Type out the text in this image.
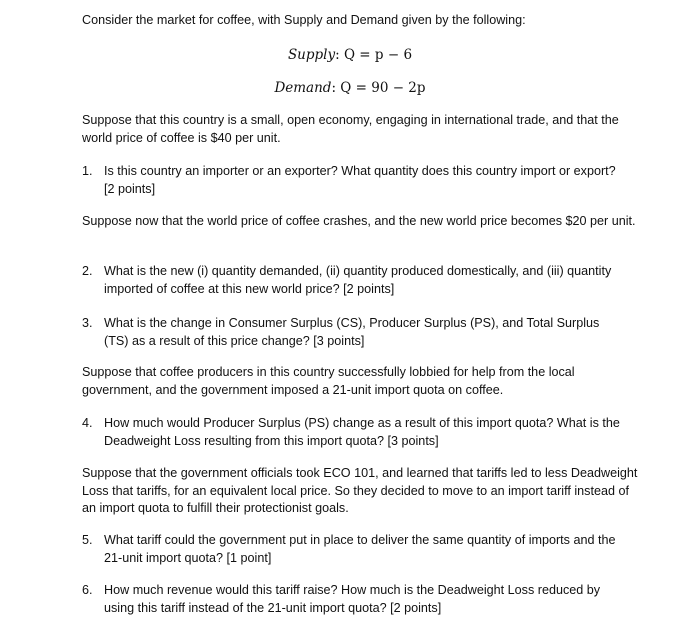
Consider the market for coffee, with Supply and Demand given by the following:

Supply: Q = p − 6
Demand: Q = 90 − 2p

Suppose that this country is a small, open economy, engaging in international trade, and that the world price of coffee is $40 per unit.

1. Is this country an importer or an exporter? What quantity does this country import or export? [2 points]

Suppose now that the world price of coffee crashes, and the new world price becomes $20 per unit.

2. What is the new (i) quantity demanded, (ii) quantity produced domestically, and (iii) quantity imported of coffee at this new world price? [2 points]
3. What is the change in Consumer Surplus (CS), Producer Surplus (PS), and Total Surplus (TS) as a result of this price change? [3 points]

Suppose that coffee producers in this country successfully lobbied for help from the local government, and the government imposed a 21-unit import quota on coffee.

4. How much would Producer Surplus (PS) change as a result of this import quota? What is the Deadweight Loss resulting from this import quota? [3 points]

Suppose that the government officials took ECO 101, and learned that tariffs led to less Deadweight Loss that tariffs, for an equivalent local price. So they decided to move to an import tariff instead of an import quota to fulfill their protectionist goals.

5. What tariff could the government put in place to deliver the same quantity of imports and the 21-unit import quota? [1 point]
6. How much revenue would this tariff raise? How much is the Deadweight Loss reduced by using this tariff instead of the 21-unit import quota? [2 points]
